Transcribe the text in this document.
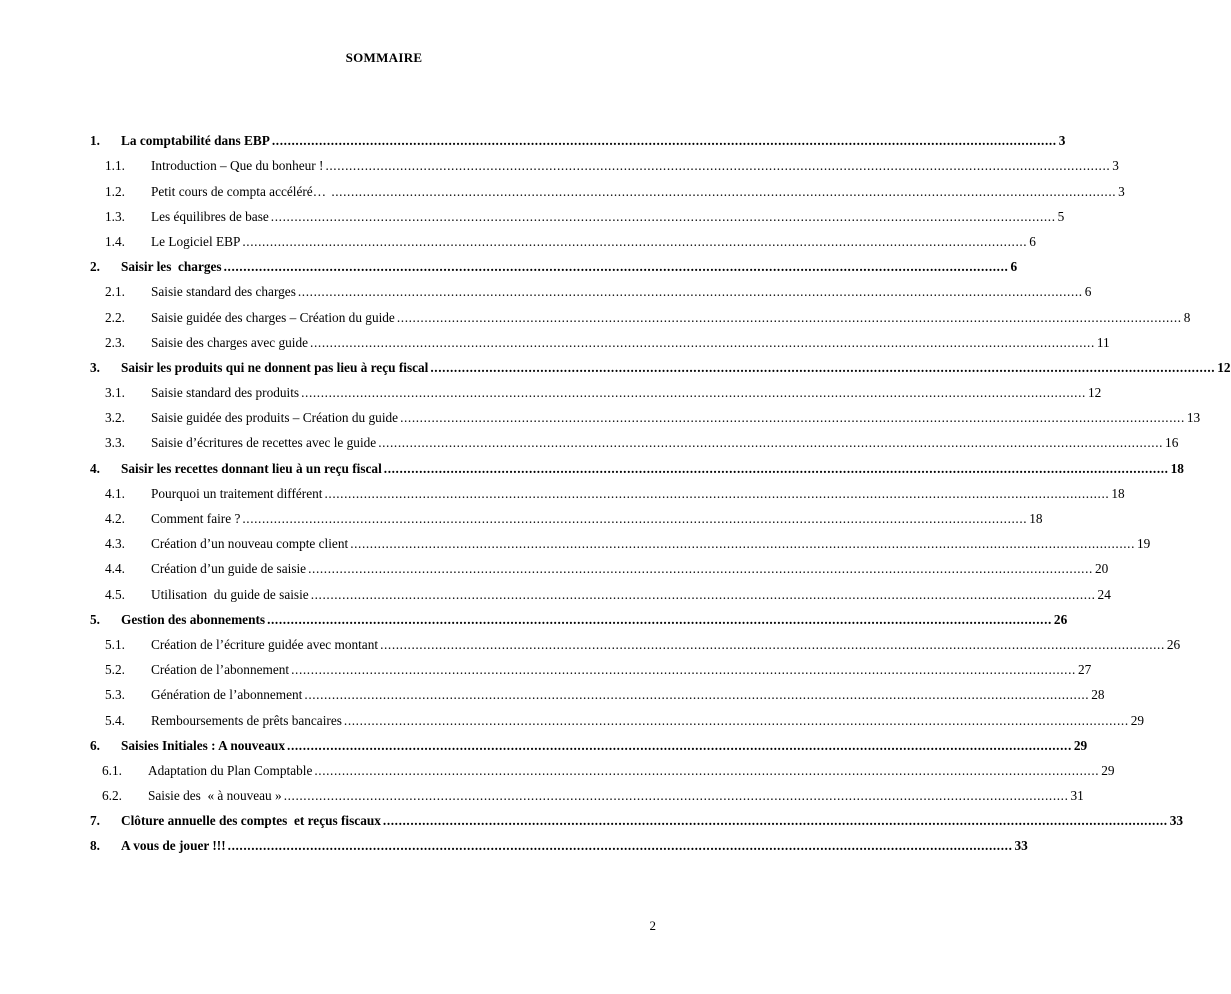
SOMMAIRE
1.	La comptabilité dans EBP ........................................................................................................................................................................................................ 3
1.1.	Introduction – Que du bonheur ! ........................................................................................................................................................................................................ 3
1.2.	Petit cours de compta accéléré… ........................................................................................................................................................................................................ 3
1.3.	Les équilibres de base ........................................................................................................................................................................................................ 5
1.4.	Le Logiciel EBP ........................................................................................................................................................................................................ 6
2.	Saisir les  charges ........................................................................................................................................................................................................ 6
2.1.	Saisie standard des charges ........................................................................................................................................................................................................ 6
2.2.	Saisie guidée des charges – Création du guide ........................................................................................................................................................................................................ 8
2.3.	Saisie des charges avec guide ........................................................................................................................................................................................................ 11
3.	Saisir les produits qui ne donnent pas lieu à reçu fiscal ........................................................................................................................................................................................................ 12
3.1.	Saisie standard des produits ........................................................................................................................................................................................................ 12
3.2.	Saisie guidée des produits – Création du guide ........................................................................................................................................................................................................ 13
3.3.	Saisie d’écritures de recettes avec le guide ........................................................................................................................................................................................................ 16
4.	Saisir les recettes donnant lieu à un reçu fiscal ........................................................................................................................................................................................................ 18
4.1.	Pourquoi un traitement différent ........................................................................................................................................................................................................ 18
4.2.	Comment faire ? ........................................................................................................................................................................................................ 18
4.3.	Création d’un nouveau compte client ........................................................................................................................................................................................................ 19
4.4.	Création d’un guide de saisie ........................................................................................................................................................................................................ 20
4.5.	Utilisation  du guide de saisie ........................................................................................................................................................................................................ 24
5.	Gestion des abonnements ........................................................................................................................................................................................................ 26
5.1.	Création de l’écriture guidée avec montant ........................................................................................................................................................................................................ 26
5.2.	Création de l’abonnement ........................................................................................................................................................................................................ 27
5.3.	Génération de l’abonnement ........................................................................................................................................................................................................ 28
5.4.	Remboursements de prêts bancaires ........................................................................................................................................................................................................ 29
6.	Saisies Initiales : A nouveaux ........................................................................................................................................................................................................ 29
6.1.	Adaptation du Plan Comptable ........................................................................................................................................................................................................ 29
6.2.	Saisie des  « à nouveau » ........................................................................................................................................................................................................ 31
7.	Clôture annuelle des comptes  et reçus fiscaux ........................................................................................................................................................................................................ 33
8.	A vous de jouer !!! ........................................................................................................................................................................................................ 33
2
